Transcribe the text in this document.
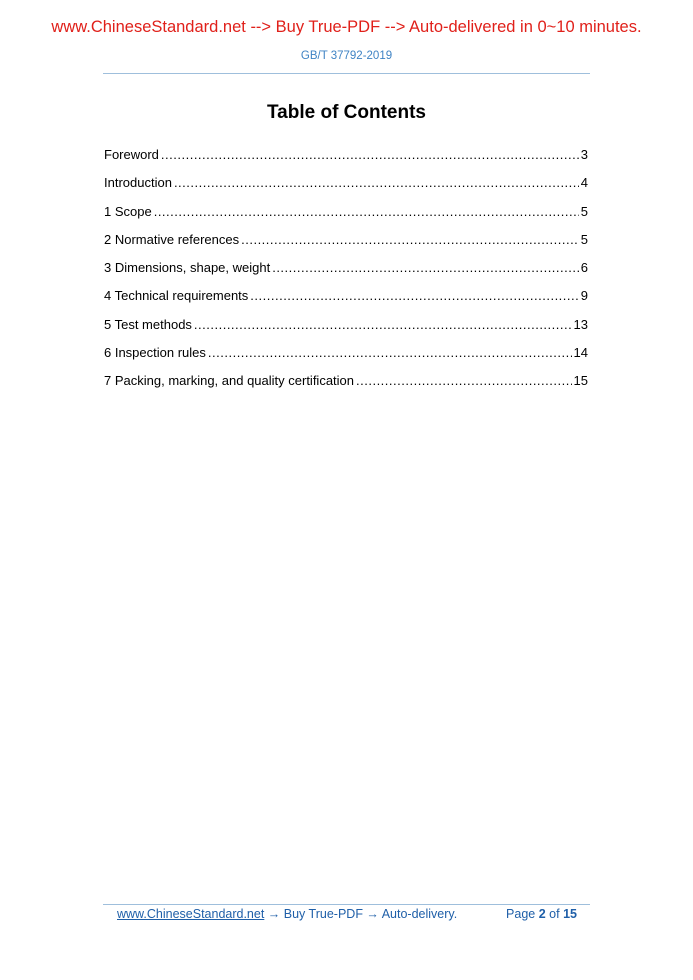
www.ChineseStandard.net --> Buy True-PDF --> Auto-delivered in 0~10 minutes.
GB/T 37792-2019
Table of Contents
Foreword .....	3
Introduction .....	4
1 Scope .....	5
2 Normative references .....	5
3 Dimensions, shape, weight .....	6
4 Technical requirements .....	9
5 Test methods .....	13
6 Inspection rules .....	14
7 Packing, marking, and quality certification .....	15
www.ChineseStandard.net → Buy True-PDF → Auto-delivery.	Page 2 of 15
